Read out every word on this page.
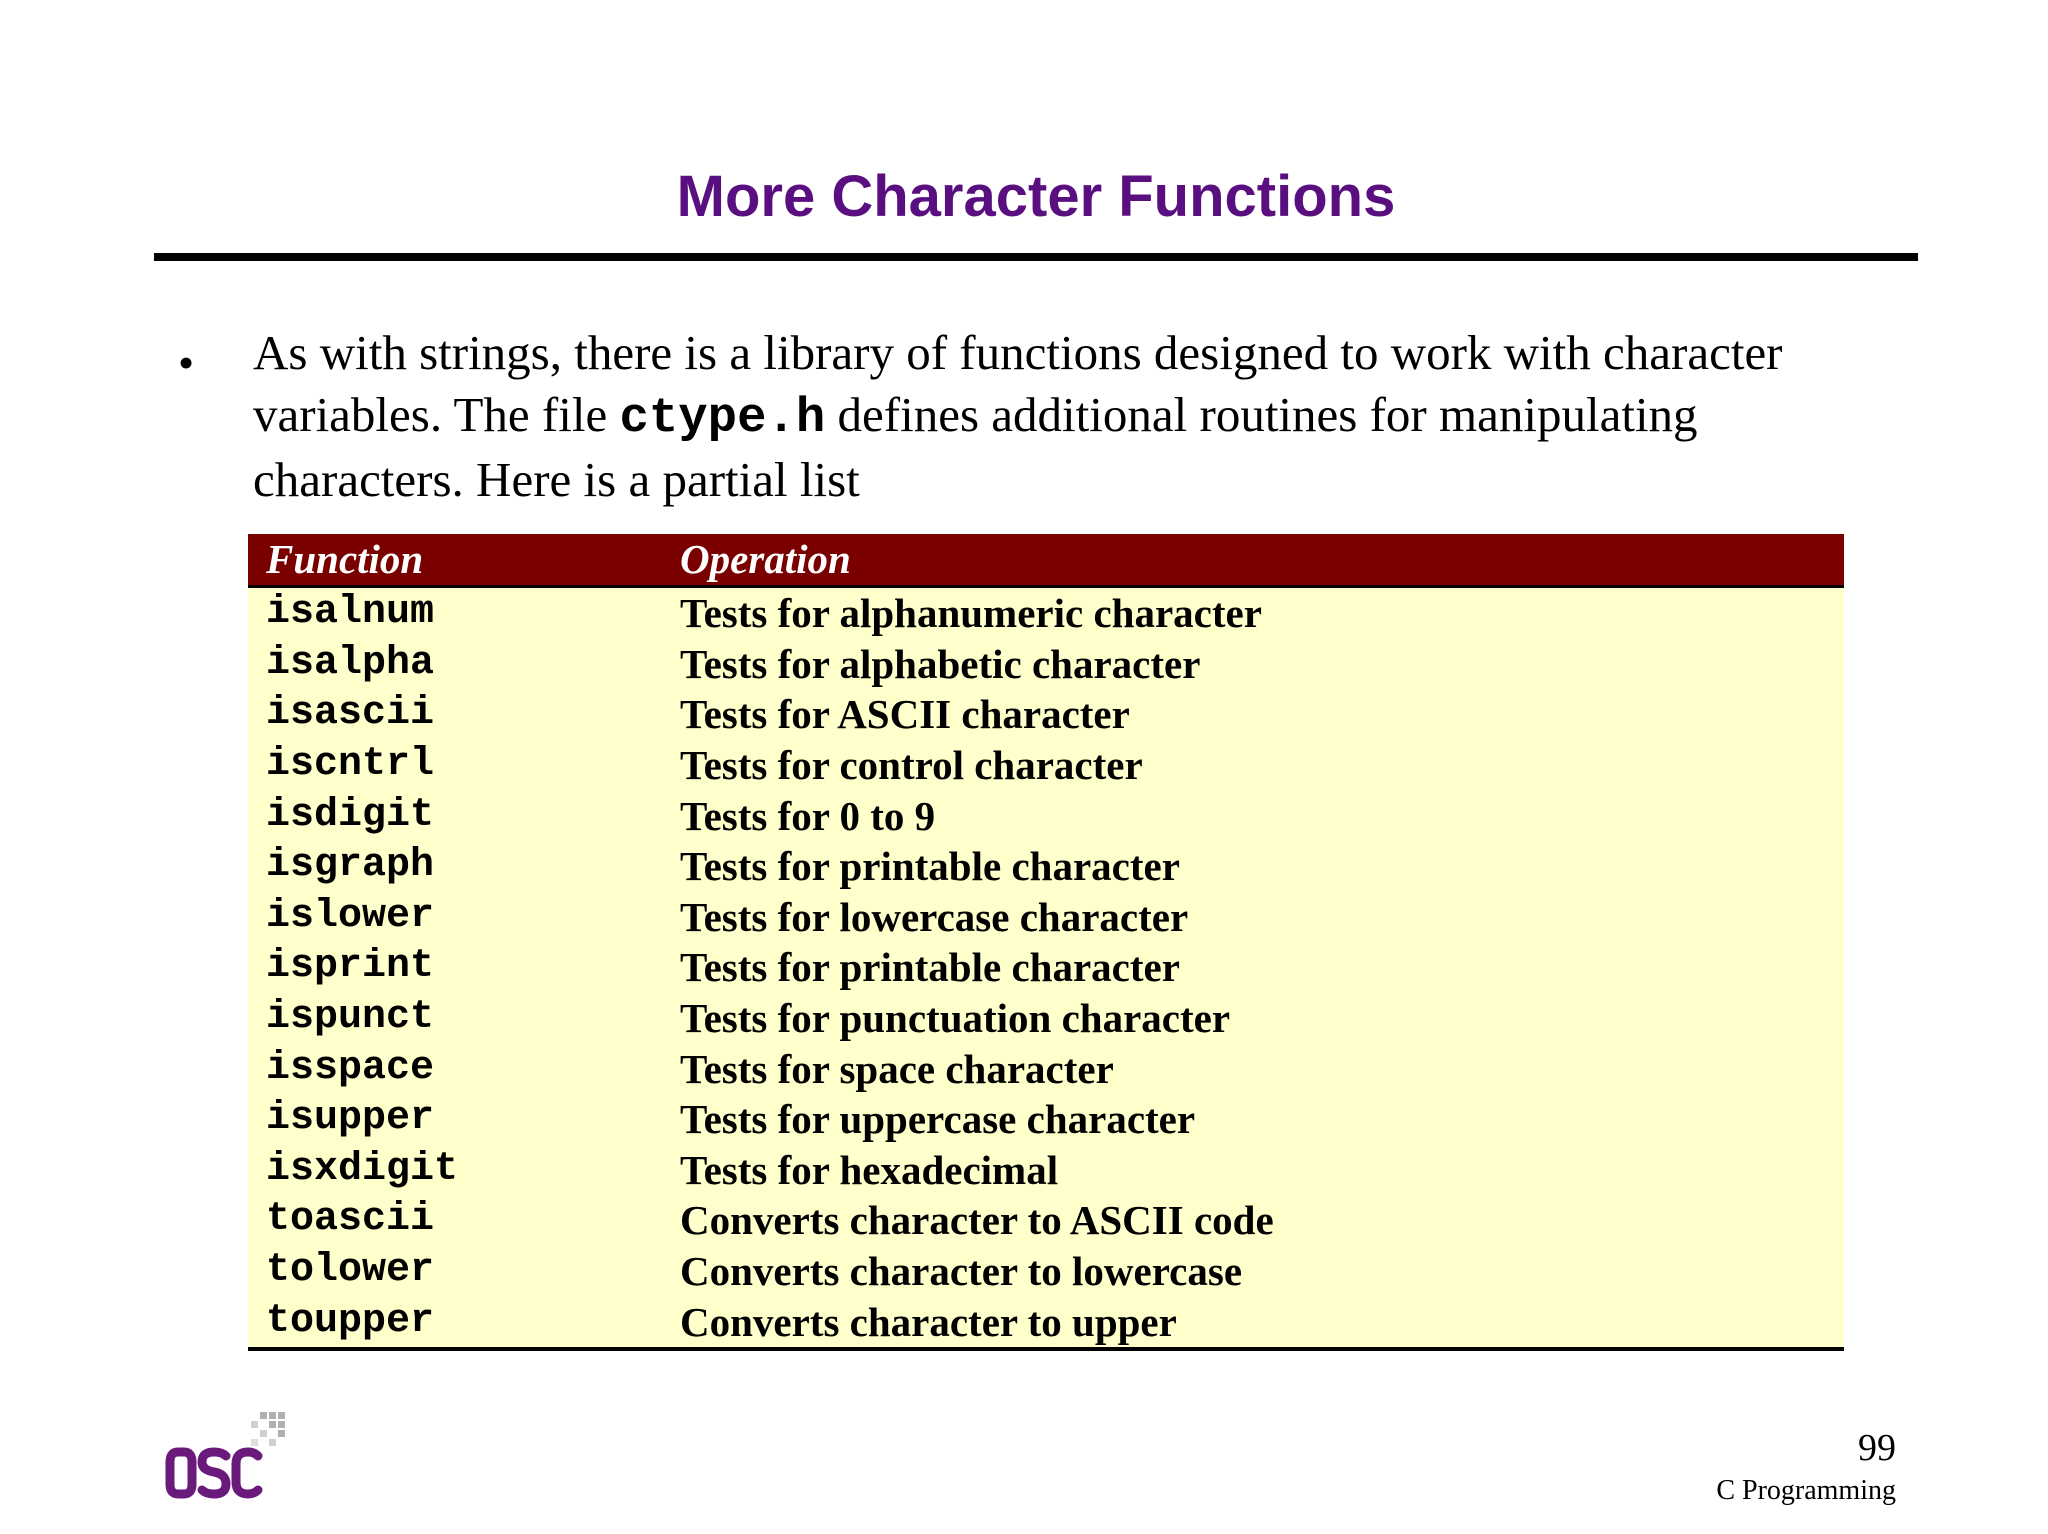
More Character Functions
• As with strings, there is a library of functions designed to work with character variables. The file ctype.h defines additional routines for manipulating characters. Here is a partial list
Function	Operation
isalnum	Tests for alphanumeric character
isalpha	Tests for alphabetic character
isascii	Tests for ASCII character
iscntrl	Tests for control character
isdigit	Tests for 0 to 9
isgraph	Tests for printable character
islower	Tests for lowercase character
isprint	Tests for printable character
ispunct	Tests for punctuation character
isspace	Tests for space character
isupper	Tests for uppercase character
isxdigit	Tests for hexadecimal
toascii	Converts character to ASCII code
tolower	Converts character to lowercase
toupper	Converts character to upper
99
C Programming
